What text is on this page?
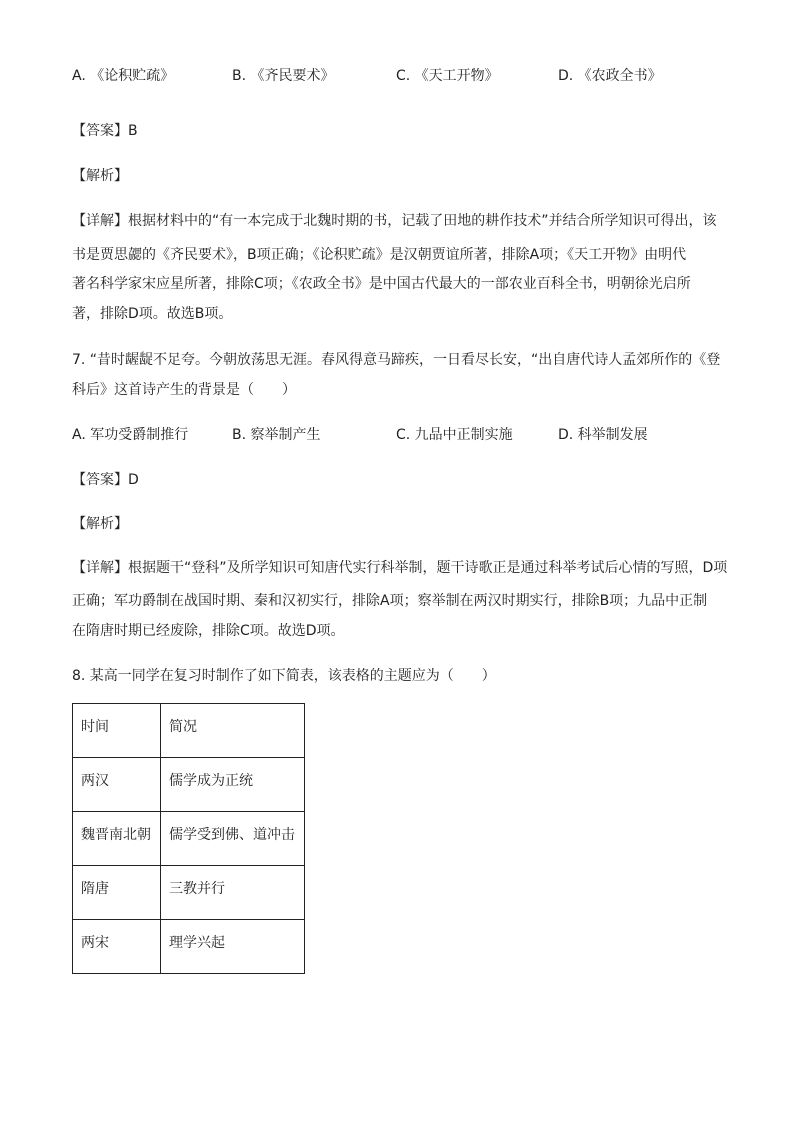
A. 《论积贮疏》	B. 《齐民要术》	C. 《天工开物》	D. 《农政全书》
【答案】B
【解析】
【详解】根据材料中的“有一本完成于北魏时期的书，记载了田地的耕作技术”并结合所学知识可得出，该
书是贾思勰的《齐民要术》，B项正确；《论积贮疏》是汉朝贾谊所著，排除A项；《天工开物》由明代
著名科学家宋应星所著，排除C项；《农政全书》是中国古代最大的一部农业百科全书，明朝徐光启所
著，排除D项。故选B项。
7. “昔时龌龊不足夸。今朝放荡思无涯。春风得意马蹄疾，一日看尽长安，“出自唐代诗人孟郊所作的《登
科后》这首诗产生的背景是（　　）
A. 军功受爵制推行	B. 察举制产生	C. 九品中正制实施	D. 科举制发展
【答案】D
【解析】
【详解】根据题干“登科”及所学知识可知唐代实行科举制，题干诗歌正是通过科举考试后心情的写照，D项
正确；军功爵制在战国时期、秦和汉初实行，排除A项；察举制在两汉时期实行，排除B项；九品中正制
在隋唐时期已经废除，排除C项。故选D项。
8. 某高一同学在复习时制作了如下简表，该表格的主题应为（　　）
时间	简况
两汉	儒学成为正统
魏晋南北朝	儒学受到佛、道冲击
隋唐	三教并行
两宋	理学兴起
